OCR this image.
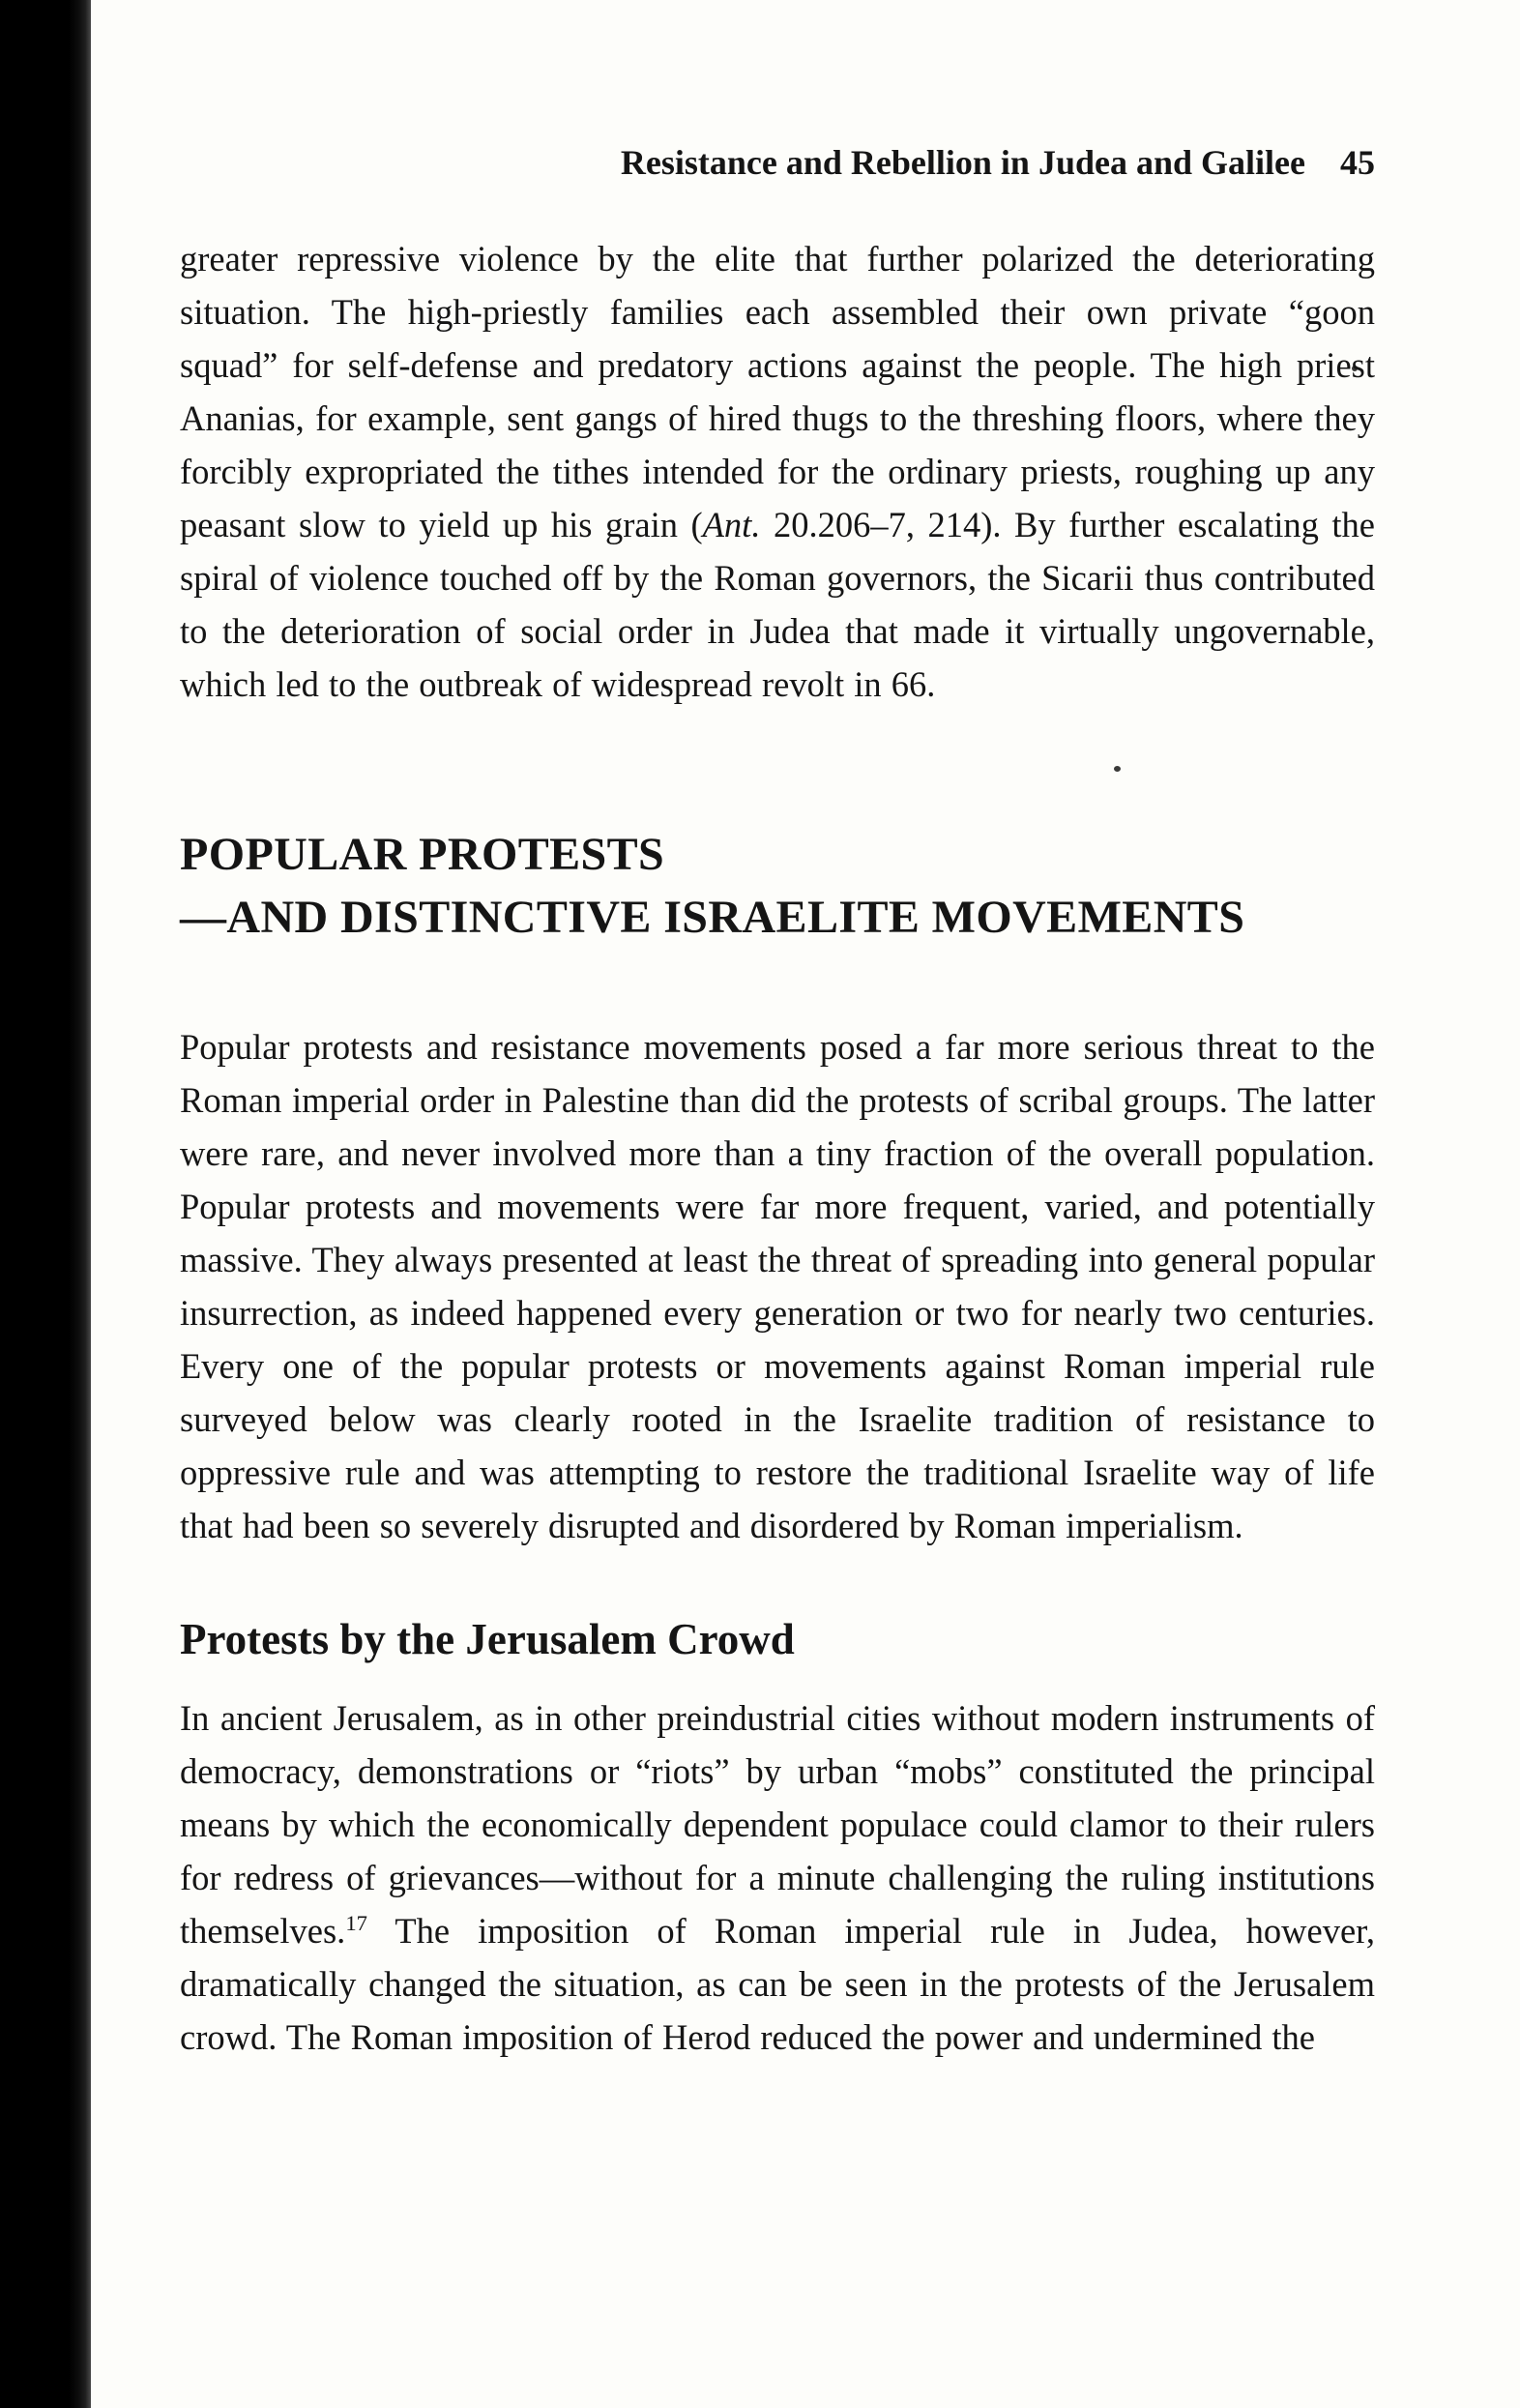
Resistance and Rebellion in Judea and Galilee 45

greater repressive violence by the elite that further polarized the deteriorating situation. The high-priestly families each assembled their own private “goon squad” for self-defense and predatory actions against the people. The high priest Ananias, for example, sent gangs of hired thugs to the threshing floors, where they forcibly expropriated the tithes intended for the ordinary priests, roughing up any peasant slow to yield up his grain (Ant. 20.206–7, 214). By further escalating the spiral of violence touched off by the Roman governors, the Sicarii thus contributed to the deterioration of social order in Judea that made it virtually ungovernable, which led to the outbreak of widespread revolt in 66.

POPULAR PROTESTS
—AND DISTINCTIVE ISRAELITE MOVEMENTS

Popular protests and resistance movements posed a far more serious threat to the Roman imperial order in Palestine than did the protests of scribal groups. The latter were rare, and never involved more than a tiny fraction of the overall population. Popular protests and movements were far more frequent, varied, and potentially massive. They always presented at least the threat of spreading into general popular insurrection, as indeed happened every generation or two for nearly two centuries. Every one of the popular protests or movements against Roman imperial rule surveyed below was clearly rooted in the Israelite tradition of resistance to oppressive rule and was attempting to restore the traditional Israelite way of life that had been so severely disrupted and disordered by Roman imperialism.

Protests by the Jerusalem Crowd

In ancient Jerusalem, as in other preindustrial cities without modern instruments of democracy, demonstrations or “riots” by urban “mobs” constituted the principal means by which the economically dependent populace could clamor to their rulers for redress of grievances—without for a minute challenging the ruling institutions themselves.$^{17}$ The imposition of Roman imperial rule in Judea, however, dramatically changed the situation, as can be seen in the protests of the Jerusalem crowd. The Roman imposition of Herod reduced the power and undermined the
